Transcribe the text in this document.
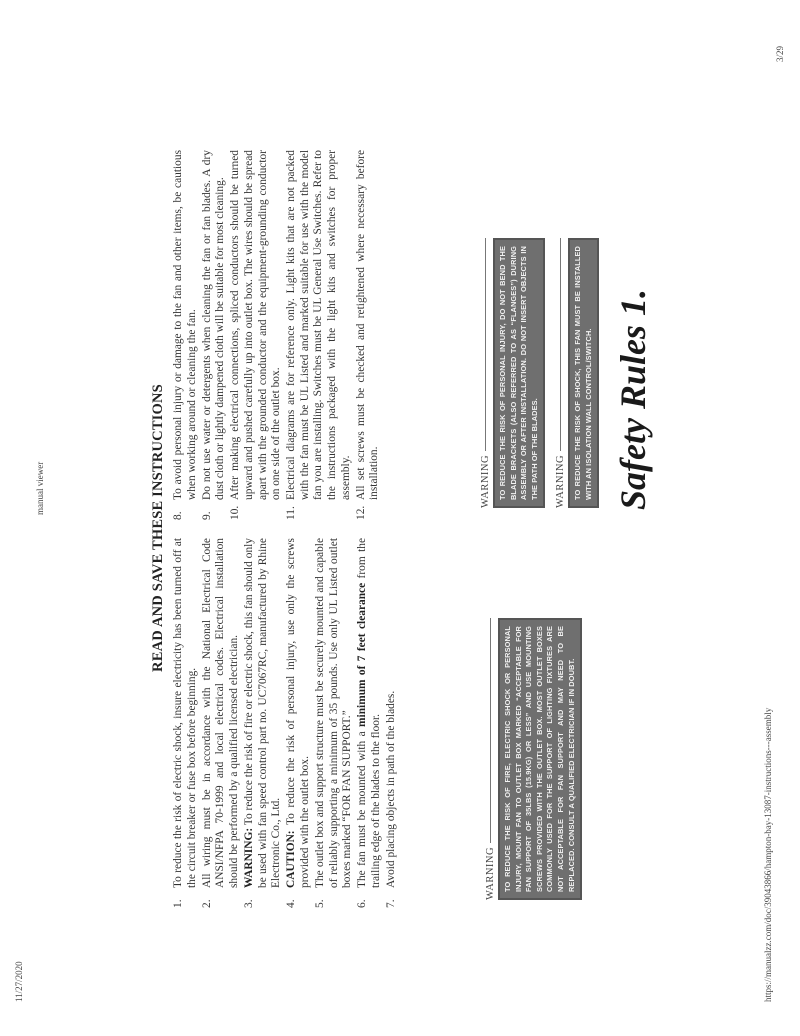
11/27/2020
manual viewer
https://manualzz.com/doc/39043866/hampton-bay-13087-instructions---assembly
3/29
READ AND SAVE THESE INSTRUCTIONS
1.
To reduce the risk of electric shock, insure electricity has been turned off at the circuit breaker or fuse box before beginning.
2.
All wiring must be in accordance with the National Electrical Code ANSI/NFPA 70-1999 and local electrical codes. Electrical installation should be performed by a qualified licensed electrician.
3.
WARNING: To reduce the risk of fire or electric shock, this fan should only be used with fan speed control part no. UC7067RC, manufactured by Rhine Electronic Co., Ltd.
4.
CAUTION: To reduce the risk of personal injury, use only the screws provided with the outlet box.
5.
The outlet box and support structure must be securely mounted and capable of reliably supporting a minimum of 35 pounds. Use only UL Listed outlet boxes marked “FOR FAN SUPPORT.”
6.
The fan must be mounted with a minimum of 7 feet clearance from the trailing edge of the blades to the floor.
7.
Avoid placing objects in path of the blades.
8.
To avoid personal injury or damage to the fan and other items, be cautious when working around or cleaning the fan.
9.
Do not use water or detergents when cleaning the fan or fan blades. A dry dust cloth or lightly dampened cloth will be suitable for most cleaning.
10.
After making electrical connections, spliced conductors should be turned upward and pushed carefully up into outlet box. The wires should be spread apart with the grounded conductor and the equipment-grounding conductor on one side of the outlet box.
11.
Electrical diagrams are for reference only. Light kits that are not packed with the fan must be UL Listed and marked suitable for use with the model fan you are installing. Switches must be UL General Use Switches. Refer to the instructions packaged with the light kits and switches for proper assembly.
12.
All set screws must be checked and retightened where necessary before installation.
WARNING TO REDUCE THE RISK OF FIRE, ELECTRIC SHOCK OR PERSONAL INJURY, MOUNT FAN TO OUTLET BOX MARKED “ACCEPTABLE FOR FAN SUPPORT OF 35LBS (15.9KG) OR LESS” AND USE MOUNTING SCREWS PROVIDED WITH THE OUTLET BOX. MOST OUTLET BOXES COMMONLY USED FOR THE SUPPORT OF LIGHTING FIXTURES ARE NOT ACCEPTABLE FOR FAN SUPPORT AND MAY NEED TO BE REPLACED. CONSULT A QUALIFIED ELECTRICIAN IF IN DOUBT.
WARNING TO REDUCE THE RISK OF PERSONAL INJURY, DO NOT BEND THE BLADE BRACKETS (ALSO REFERRED TO AS “FLANGES”) DURING ASSEMBLY OR AFTER INSTALLATION. DO NOT INSERT OBJECTS IN THE PATH OF THE BLADES.	WARNING TO REDUCE THE RISK OF SHOCK, THIS FAN MUST BE INSTALLED WITH AN ISOLATION WALL CONTROL/SWITCH. Safety Rules 1.
